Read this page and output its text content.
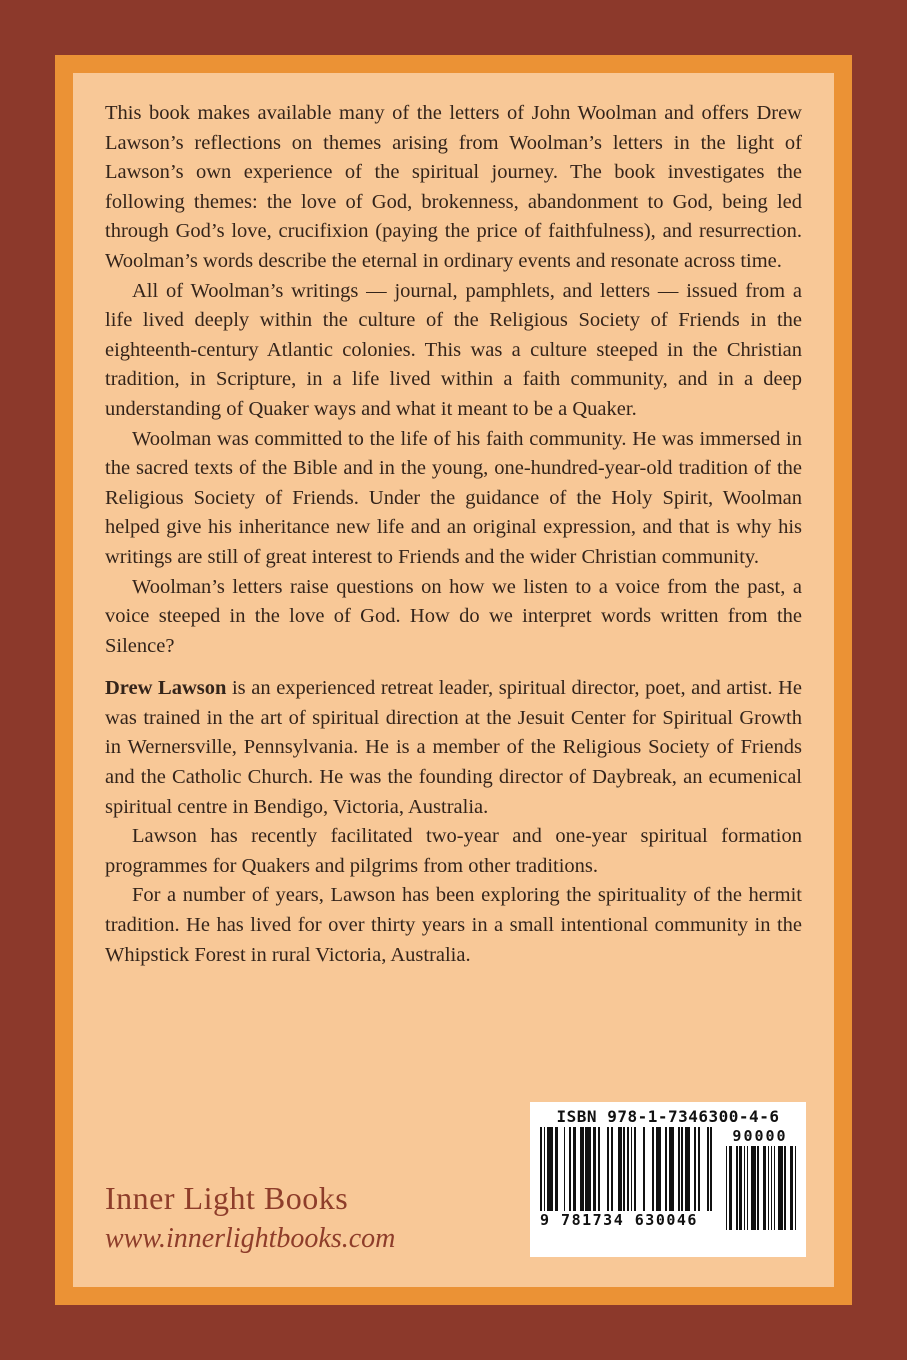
This book makes available many of the letters of John Woolman and offers Drew Lawson’s reflections on themes arising from Woolman’s letters in the light of Lawson’s own experience of the spiritual journey. The book investigates the following themes: the love of God, brokenness, abandonment to God, being led through God’s love, crucifixion (paying the price of faithfulness), and resurrection. Woolman’s words describe the eternal in ordinary events and resonate across time.

All of Woolman’s writings — journal, pamphlets, and letters — issued from a life lived deeply within the culture of the Religious Society of Friends in the eighteenth-century Atlantic colonies. This was a culture steeped in the Christian tradition, in Scripture, in a life lived within a faith community, and in a deep understanding of Quaker ways and what it meant to be a Quaker.

Woolman was committed to the life of his faith community. He was immersed in the sacred texts of the Bible and in the young, one-hundred-year-old tradition of the Religious Society of Friends. Under the guidance of the Holy Spirit, Woolman helped give his inheritance new life and an original expression, and that is why his writings are still of great interest to Friends and the wider Christian community.

Woolman’s letters raise questions on how we listen to a voice from the past, a voice steeped in the love of God. How do we interpret words written from the Silence?

Drew Lawson is an experienced retreat leader, spiritual director, poet, and artist. He was trained in the art of spiritual direction at the Jesuit Center for Spiritual Growth in Wernersville, Pennsylvania. He is a member of the Religious Society of Friends and the Catholic Church. He was the founding director of Daybreak, an ecumenical spiritual centre in Bendigo, Victoria, Australia.

Lawson has recently facilitated two-year and one-year spiritual formation programmes for Quakers and pilgrims from other traditions.

For a number of years, Lawson has been exploring the spirituality of the hermit tradition. He has lived for over thirty years in a small intentional community in the Whipstick Forest in rural Victoria, Australia.

Inner Light Books
www.innerlightbooks.com
ISBN 978-1-7346300-4-6
9 781734 630046
90000
